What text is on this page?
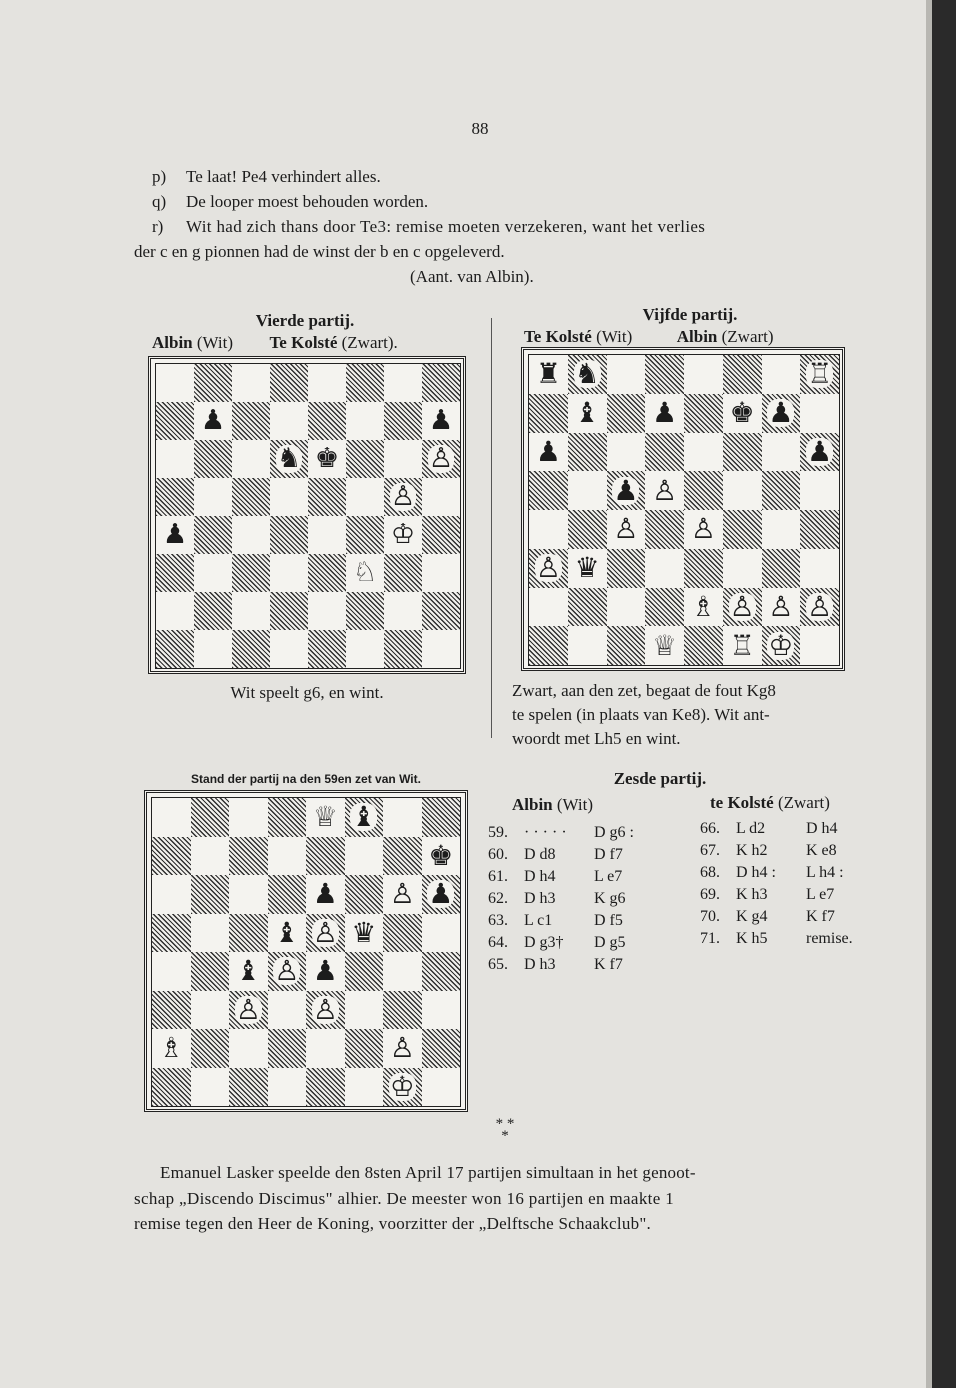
88
p) Te laat! Pe4 verhindert alles.
q) De looper moest behouden worden.
r) Wit had zich thans door Te3: remise moeten verzekeren, want het verlies
der c en g pionnen had de winst der b en c opgeleverd.
(Aant. van Albin).
Vierde partij.
Albin (Wit) Te Kolsté (Zwart).
Vijfde partij.
Te Kolsté (Wit)	Albin (Zwart)
♟	♟
♞ ♚	♙
♙
♟	♔
♘
♜ ♞	♖
♝ ♟ ♚ ♟
♟	♟
♟ ♙
♙ ♙
♙ ♛
♗ ♙ ♙ ♙
♕ ♖ ♔
♕ ♝
♚
♟ ♙ ♟
♝ ♙ ♛
♝ ♙ ♟
♙ ♙
♗	♙
♔
Wit speelt g6, en wint.	Zwart, aan den zet, begaat de fout Kg8
te spelen (in plaats van Ke8). Wit ant-
woordt met Lh5 en wint.
Stand der partij na den 59en zet van Wit.	Zesde partij.
Albin (Wit)	te Kolsté (Zwart)
59.	· · · · ·	D g6 :
60.	D d8	D f7
61.	D h4	L e7
62.	D h3	K g6
63.	L c1	D f5
64.	D g3†	D g5
65.	D h3	K f7
66.	L d2	D h4
67.	K h2	K e8
68.	D h4 :	L h4 :
69.	K h3	L e7
70.	K g4	K f7
71.	K h5	remise.
* *
*
Emanuel Lasker speelde den 8sten April 17 partijen simultaan in het genoot-
schap „Discendo Discimus" alhier. De meester won 16 partijen en maakte 1
remise tegen den Heer de Koning, voorzitter der „Delftsche Schaakclub".
